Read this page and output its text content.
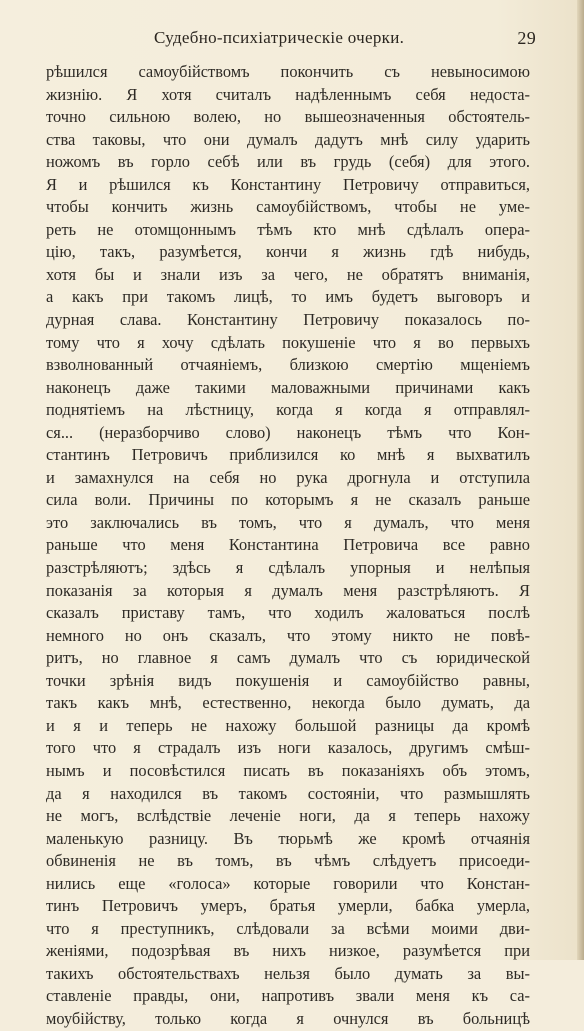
Судебно-психіатрическіе очерки.	29
рѣшился самоубійствомъ покончить съ невыносимою
жизнію. Я хотя считалъ надѣленнымъ себя недоста-
точно сильною волею, но вышеозначенныя обстоятель-
ства таковы, что они думалъ дадутъ мнѣ силу ударить
ножомъ въ горло себѣ или въ грудь (себя) для этого.
Я и рѣшился къ Константину Петровичу отправиться,
чтобы кончить жизнь самоубійствомъ, чтобы не уме-
реть не отомщоннымъ тѣмъ кто мнѣ сдѣлалъ опера-
цію, такъ, разумѣется, кончи я жизнь гдѣ нибудь,
хотя бы и знали изъ за чего, не обратятъ вниманія,
а какъ при такомъ лицѣ, то имъ будетъ выговоръ и
дурная слава. Константину Петровичу показалось по-
тому что я хочу сдѣлать покушеніе что я во первыхъ
взволнованный отчаяніемъ, близкою смертію мщеніемъ
наконецъ даже такими маловажными причинами какъ
поднятіемъ на лѣстницу, когда я когда я отправлял-
ся... (неразборчиво слово) наконецъ тѣмъ что Кон-
стантинъ Петровичъ приблизился ко мнѣ я выхватилъ
и замахнулся на себя но рука дрогнула и отступила
сила воли. Причины по которымъ я не сказалъ раньше
это заключались въ томъ, что я думалъ, что меня
раньше что меня Константина Петровича все равно
разстрѣляютъ; здѣсь я сдѣлалъ упорныя и нелѣпыя
показанія за которыя я думалъ меня разстрѣляютъ. Я
сказалъ приставу тамъ, что ходилъ жаловаться послѣ
немного но онъ сказалъ, что этому никто не повѣ-
ритъ, но главное я самъ думалъ что съ юридической
точки зрѣнія видъ покушенія и самоубійство равны,
такъ какъ мнѣ, естественно, некогда было думать, да
и я и теперь не нахожу большой разницы да кромѣ
того что я страдалъ изъ ноги казалось, другимъ смѣш-
нымъ и посовѣстился писать въ показаніяхъ объ этомъ,
да я находился въ такомъ состояніи, что размышлять
не могъ, вслѣдствіе леченіе ноги, да я теперь нахожу
маленькую разницу. Въ тюрьмѣ же кромѣ отчаянія
обвиненія не въ томъ, въ чѣмъ слѣдуетъ присоеди-
нились еще «голоса» которые говорили что Констан-
тинъ Петровичъ умеръ, братья умерли, бабка умерла,
что я преступникъ, слѣдовали за всѣми моими дви-
женіями, подозрѣвая въ нихъ низкое, разумѣется при
такихъ обстоятельствахъ нельзя было думать за вы-
ставленіе правды, они, напротивъ звали меня къ са-
моубійству, только когда я очнулся въ больницѣ
